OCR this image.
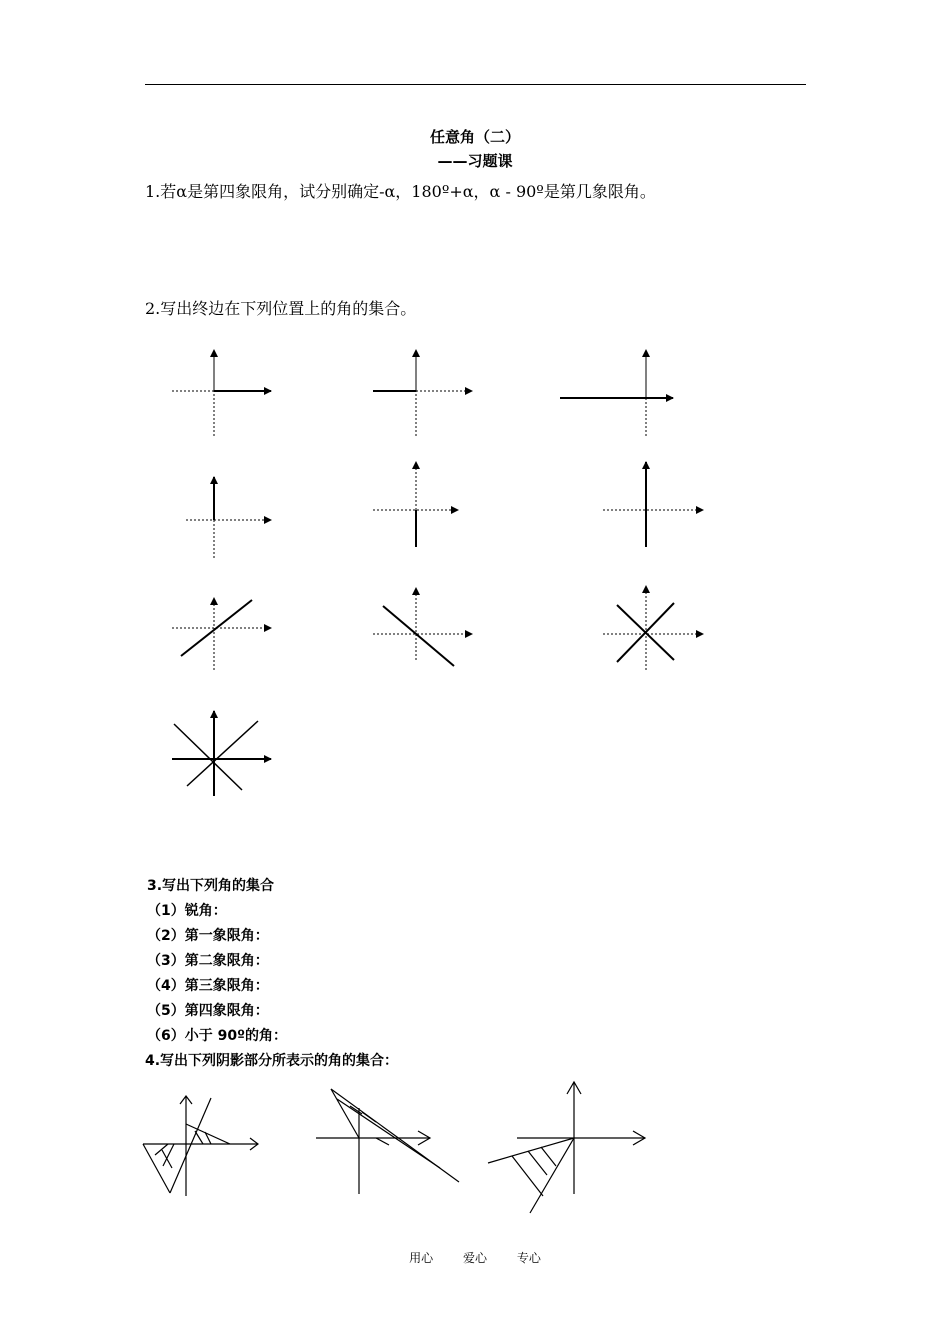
任意角（二）
——习题课
1.若α是第四象限角，试分别确定-α，180º+α，α - 90º是第几象限角。
2.写出终边在下列位置上的角的集合。
3.写出下列角的集合
（1）锐角：
（2）第一象限角：
（3）第二象限角：
（4）第三象限角：
（5）第四象限角：
（6）小于 90º的角：
4.写出下列阴影部分所表示的角的集合：
用心 爱心 专心
